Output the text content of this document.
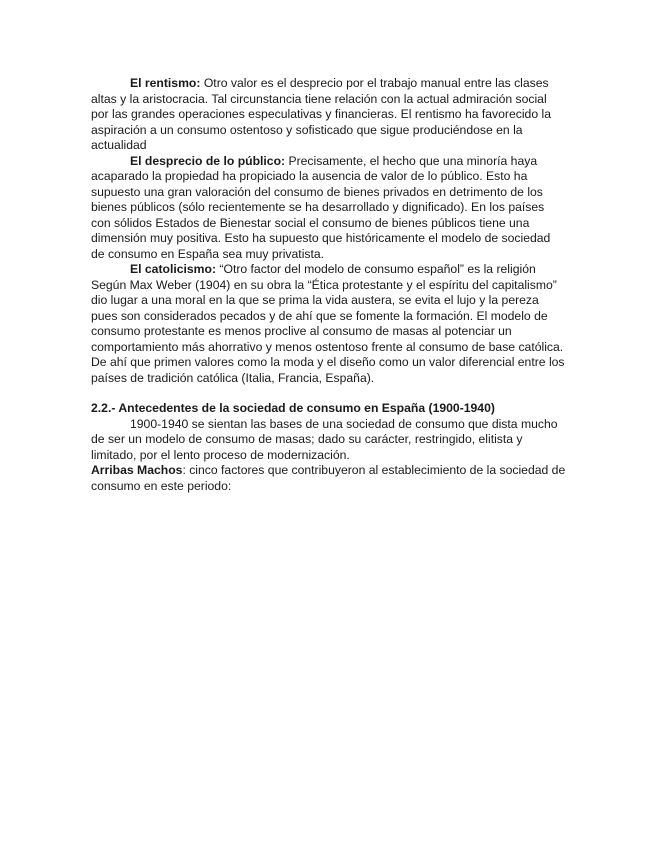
El rentismo: Otro valor es el desprecio por el trabajo manual entre las clases altas y la aristocracia. Tal circunstancia tiene relación con la actual admiración social por las grandes operaciones especulativas y financieras. El rentismo ha favorecido la aspiración a un consumo ostentoso y sofisticado que sigue produciéndose en la actualidad

El desprecio de lo público: Precisamente, el hecho que una minoría haya acaparado la propiedad ha propiciado la ausencia de valor de lo público. Esto ha supuesto una gran valoración del consumo de bienes privados en detrimento de los bienes públicos (sólo recientemente se ha desarrollado y dignificado). En los países con sólidos Estados de Bienestar social el consumo de bienes públicos tiene una dimensión muy positiva. Esto ha supuesto que históricamente el modelo de sociedad de consumo en España sea muy privatista.

El catolicismo: “Otro factor del modelo de consumo español” es la religión Según Max Weber (1904) en su obra la “Ética protestante y el espíritu del capitalismo” dio lugar a una moral en la que se prima la vida austera, se evita el lujo y la pereza pues son considerados pecados y de ahí que se fomente la formación. El modelo de consumo protestante es menos proclive al consumo de masas al potenciar un comportamiento más ahorrativo y menos ostentoso frente al consumo de base católica. De ahí que primen valores como la moda y el diseño como un valor diferencial entre los países de tradición católica (Italia, Francia, España).

2.2.- Antecedentes de la sociedad de consumo en España (1900-1940)

1900-1940 se sientan las bases de una sociedad de consumo que dista mucho de ser un modelo de consumo de masas; dado su carácter, restringido, elitista y limitado, por el lento proceso de modernización.

Arribas Machos: cinco factores que contribuyeron al establecimiento de la sociedad de consumo en este periodo:
